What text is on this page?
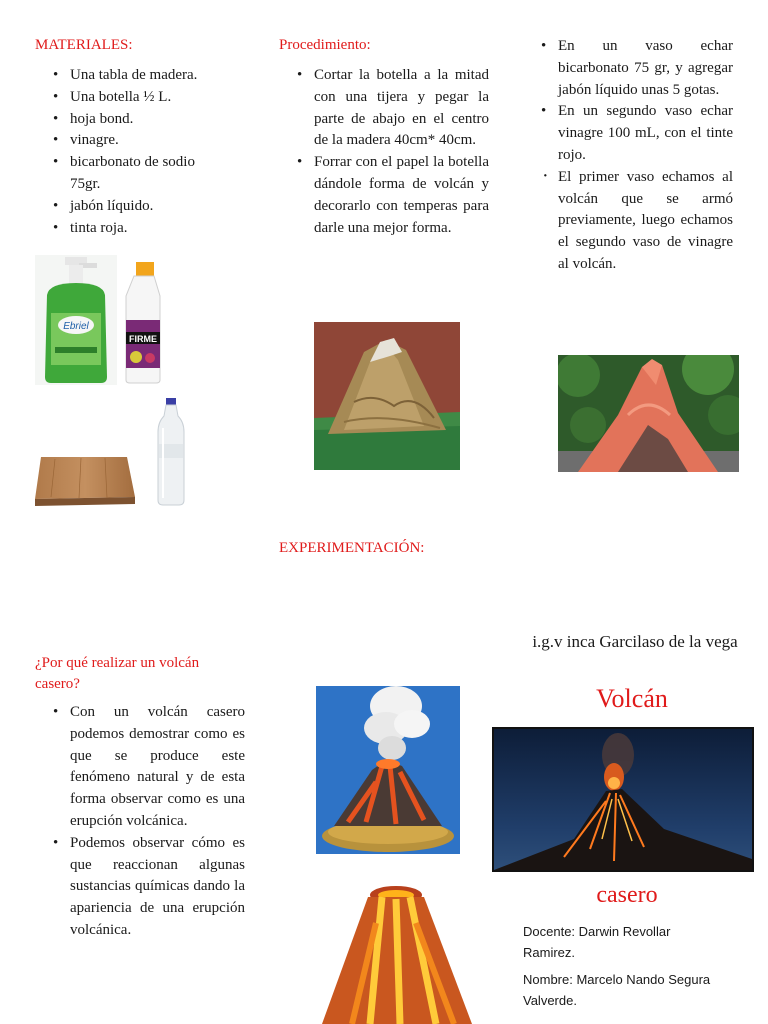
MATERIALES:
• Una tabla de madera.
• Una botella ½ L.
• hoja bond.
• vinagre.
• bicarbonato de sodio 75gr.
• jabón líquido.
• tinta roja.
Ebriel
FIRME
Procedimiento:
• Cortar la botella a la mitad con una tijera y pegar la parte de abajo en el centro de la madera 40cm* 40cm.
• Forrar con el papel la botella dándole forma de volcán y decorarlo con temperas para darle una mejor forma.
• En un vaso echar bicarbonato 75 gr, y agregar jabón líquido unas 5 gotas.
• En un segundo vaso echar vinagre 100 mL, con el tinte rojo.
· El primer vaso echamos al volcán que se armó previamente, luego echamos el segundo vaso de vinagre al volcán.
EXPERIMENTACIÓN:
¿Por qué realizar un volcán casero?
• Con un volcán casero podemos demostrar como es que se produce este fenómeno natural y de esta forma observar como es una erupción volcánica.
• Podemos observar cómo es que reaccionan algunas sustancias químicas dando la apariencia de una erupción volcánica.
i.g.v inca Garcilaso de la vega
Volcán
casero
Docente: Darwin Revollar Ramirez.
Nombre: Marcelo Nando Segura Valverde.
